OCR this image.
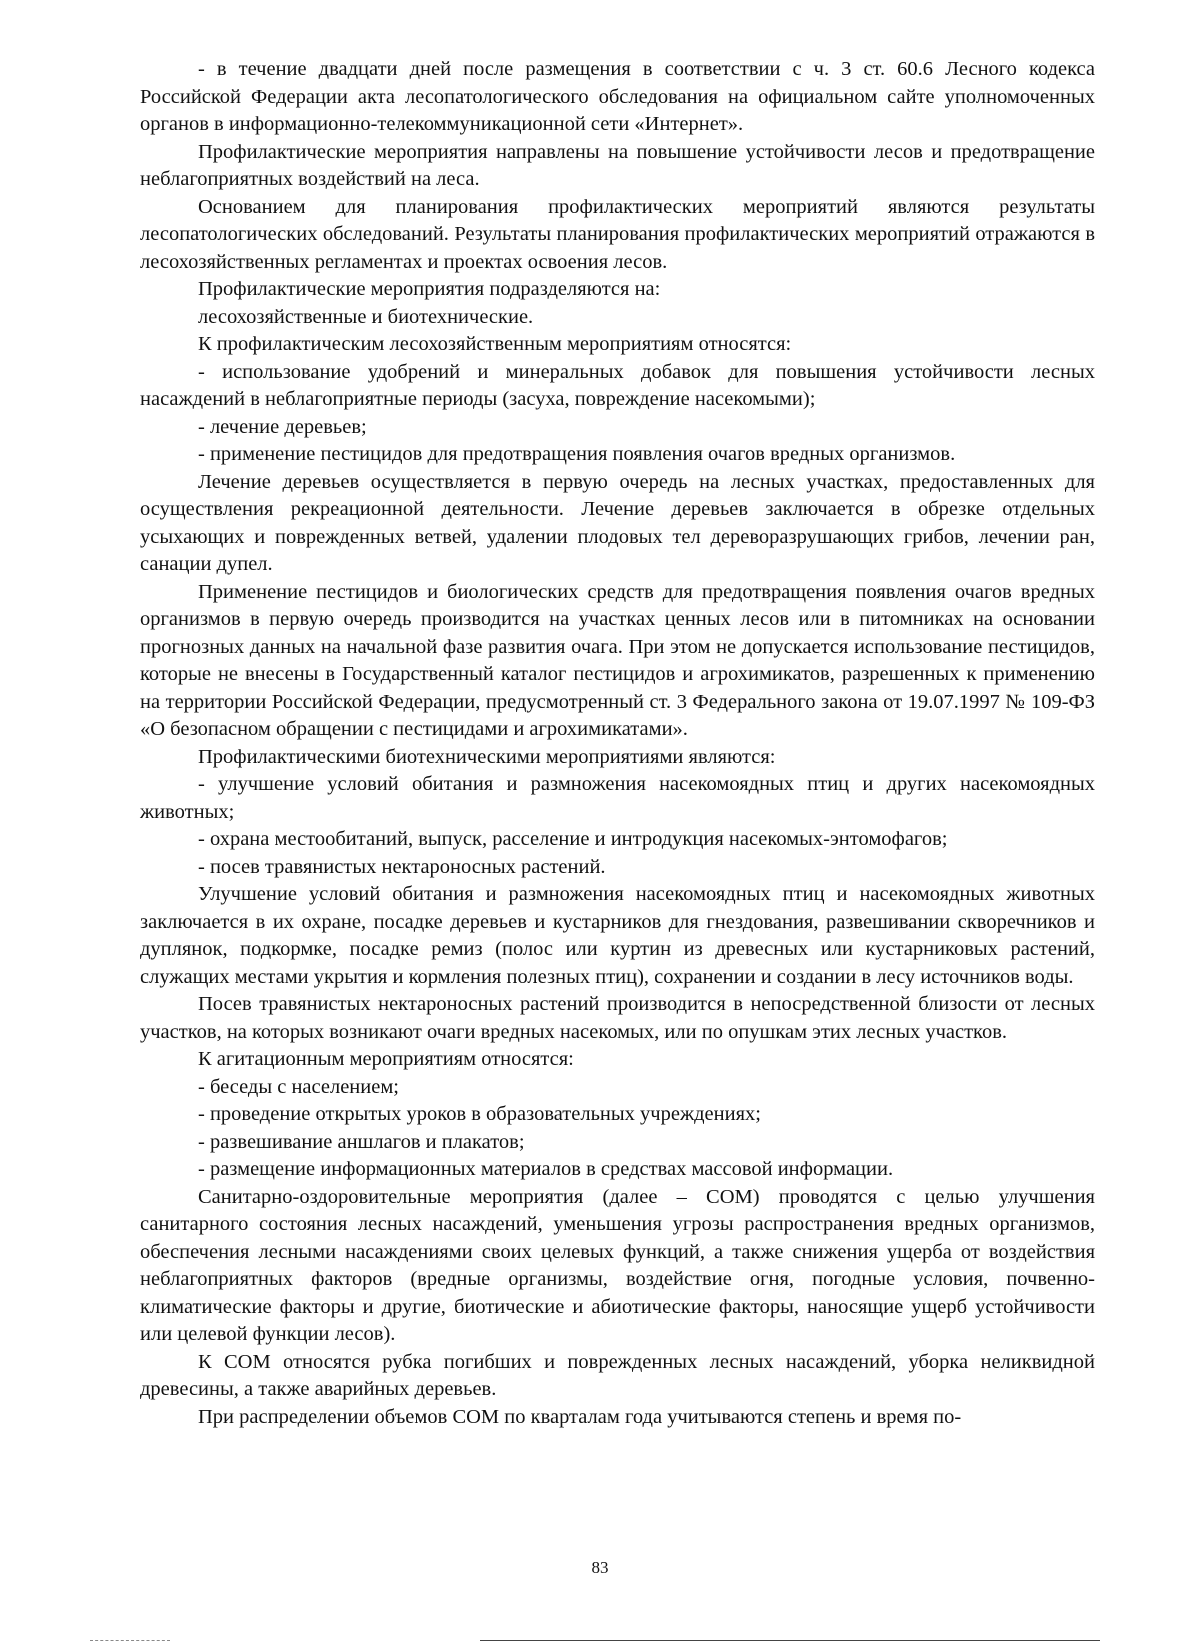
- в течение двадцати дней после размещения в соответствии с ч. 3 ст. 60.6 Лесного кодекса Российской Федерации акта лесопатологического обследования на официальном сайте уполномоченных органов в информационно-телекоммуникационной сети «Интернет».

Профилактические мероприятия направлены на повышение устойчивости лесов и предотвращение неблагоприятных воздействий на леса.

Основанием для планирования профилактических мероприятий являются результаты лесопатологических обследований. Результаты планирования профилактических мероприятий отражаются в лесохозяйственных регламентах и проектах освоения лесов.

Профилактические мероприятия подразделяются на:

лесохозяйственные и биотехнические.

К профилактическим лесохозяйственным мероприятиям относятся:

- использование удобрений и минеральных добавок для повышения устойчивости лесных насаждений в неблагоприятные периоды (засуха, повреждение насекомыми);

- лечение деревьев;

- применение пестицидов для предотвращения появления очагов вредных организмов.

Лечение деревьев осуществляется в первую очередь на лесных участках, предоставленных для осуществления рекреационной деятельности. Лечение деревьев заключается в обрезке отдельных усыхающих и поврежденных ветвей, удалении плодовых тел дереворазрушающих грибов, лечении ран, санации дупел.

Применение пестицидов и биологических средств для предотвращения появления очагов вредных организмов в первую очередь производится на участках ценных лесов или в питомниках на основании прогнозных данных на начальной фазе развития очага. При этом не допускается использование пестицидов, которые не внесены в Государственный каталог пестицидов и агрохимикатов, разрешенных к применению на территории Российской Федерации, предусмотренный ст. 3 Федерального закона от 19.07.1997 № 109-ФЗ «О безопасном обращении с пестицидами и агрохимикатами».

Профилактическими биотехническими мероприятиями являются:

- улучшение условий обитания и размножения насекомоядных птиц и других насекомоядных животных;

- охрана местообитаний, выпуск, расселение и интродукция насекомых-энтомофагов;

- посев травянистых нектароносных растений.

Улучшение условий обитания и размножения насекомоядных птиц и насекомоядных животных заключается в их охране, посадке деревьев и кустарников для гнездования, развешивании скворечников и дуплянок, подкормке, посадке ремиз (полос или куртин из древесных или кустарниковых растений, служащих местами укрытия и кормления полезных птиц), сохранении и создании в лесу источников воды.

Посев травянистых нектароносных растений производится в непосредственной близости от лесных участков, на которых возникают очаги вредных насекомых, или по опушкам этих лесных участков.

К агитационным мероприятиям относятся:

- беседы с населением;

- проведение открытых уроков в образовательных учреждениях;

- развешивание аншлагов и плакатов;

- размещение информационных материалов в средствах массовой информации.

Санитарно-оздоровительные мероприятия (далее – СОМ) проводятся с целью улучшения санитарного состояния лесных насаждений, уменьшения угрозы распространения вредных организмов, обеспечения лесными насаждениями своих целевых функций, а также снижения ущерба от воздействия неблагоприятных факторов (вредные организмы, воздействие огня, погодные условия, почвенно-климатические факторы и другие, биотические и абиотические факторы, наносящие ущерб устойчивости или целевой функции лесов).

К СОМ относятся рубка погибших и поврежденных лесных насаждений, уборка неликвидной древесины, а также аварийных деревьев.

При распределении объемов СОМ по кварталам года учитываются степень и время по-

83
